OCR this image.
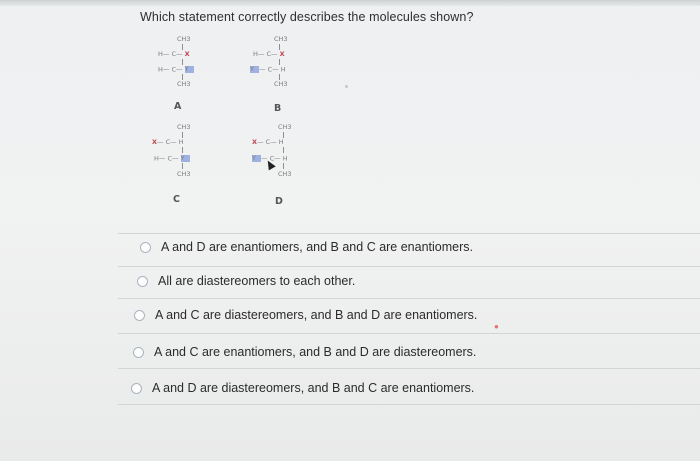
Which statement correctly describes the molecules shown?
CH3
H— C— X
H— C— Y
CH3
A
CH3
H— C— X
Y — C— H
CH3
B
CH3
X— C— H
H— C— Y
CH3
C
CH3
X— C— H
Y — C— H
CH3
D
A and D are enantiomers, and B and C are enantiomers.
All are diastereomers to each other.
A and C are diastereomers, and B and D are enantiomers.
A and C are enantiomers, and B and D are diastereomers.
A and D are diastereomers, and B and C are enantiomers.
●
